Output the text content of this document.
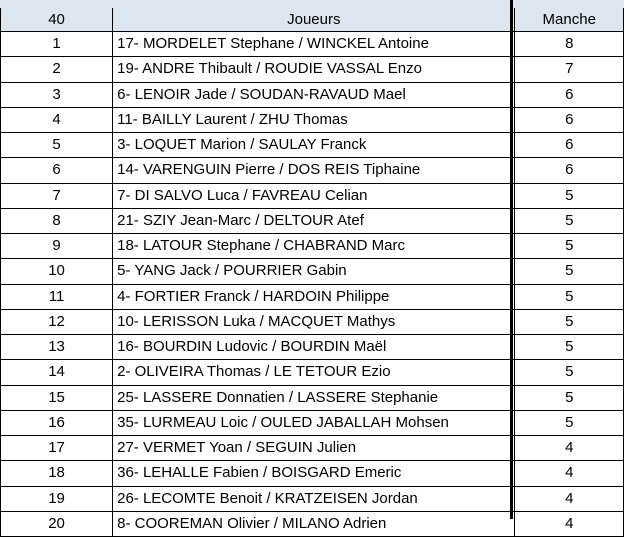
40	Joueurs	Manche
1	17- MORDELET Stephane / WINCKEL Antoine	8
2	19- ANDRE Thibault / ROUDIE VASSAL Enzo	7
3	6- LENOIR Jade / SOUDAN-RAVAUD Mael	6
4	11- BAILLY Laurent / ZHU Thomas	6
5	3- LOQUET Marion / SAULAY Franck	6
6	14- VARENGUIN Pierre / DOS REIS Tiphaine	6
7	7- DI SALVO Luca / FAVREAU Celian	5
8	21- SZIY Jean-Marc / DELTOUR Atef	5
9	18- LATOUR Stephane / CHABRAND Marc	5
10	5- YANG Jack / POURRIER Gabin	5
11	4- FORTIER Franck / HARDOIN Philippe	5
12	10- LERISSON Luka / MACQUET Mathys	5
13	16- BOURDIN Ludovic / BOURDIN Maël	5
14	2- OLIVEIRA Thomas / LE TETOUR Ezio	5
15	25- LASSERE Donnatien / LASSERE Stephanie	5
16	35- LURMEAU Loic / OULED JABALLAH Mohsen	5
17	27- VERMET Yoan / SEGUIN Julien	4
18	36- LEHALLE Fabien / BOISGARD Emeric	4
19	26- LECOMTE Benoit / KRATZEISEN Jordan	4
20	8- COOREMAN Olivier / MILANO Adrien	4
